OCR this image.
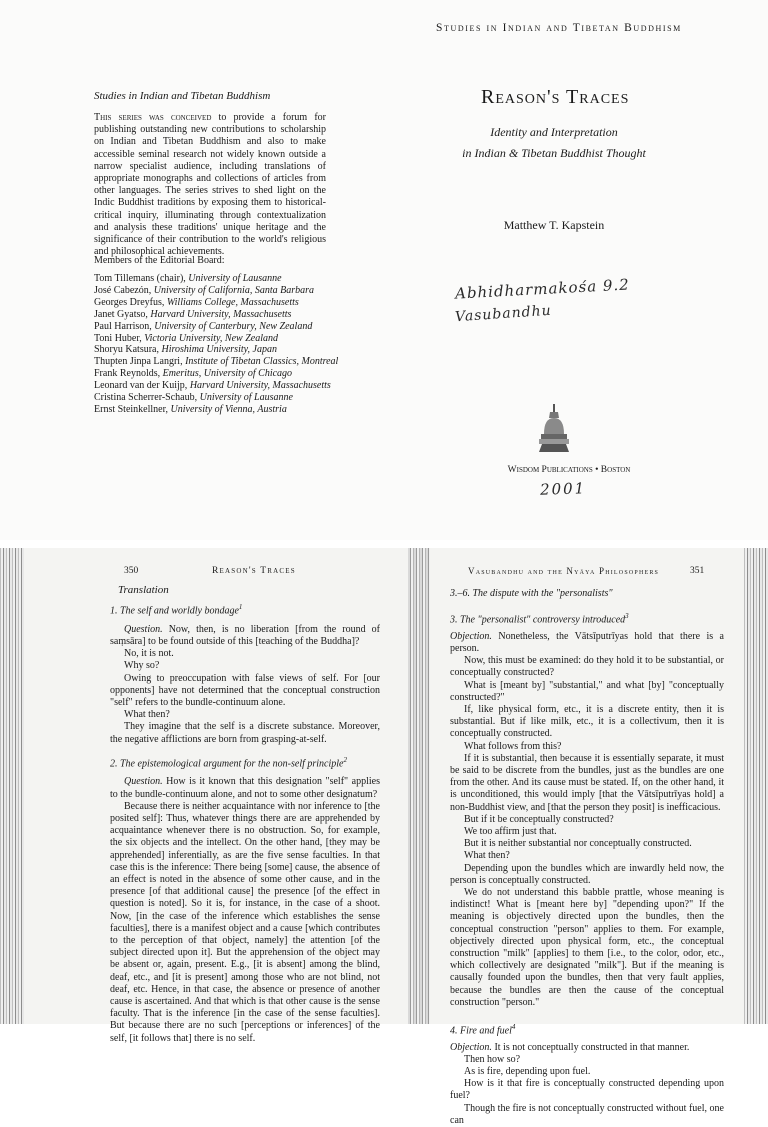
Studies in Indian and Tibetan Buddhism
Studies in Indian and Tibetan Buddhism
This series was conceived to provide a forum for publishing outstanding new contributions to scholarship on Indian and Tibetan Buddhism and also to make accessible seminal research not widely known outside a narrow specialist audience, including translations of appropriate monographs and collections of articles from other languages. The series strives to shed light on the Indic Buddhist traditions by exposing them to historical-critical inquiry, illuminating through contextualization and analysis these traditions' unique heritage and the significance of their contribution to the world's religious and philosophical achievements.
Members of the Editorial Board:
Tom Tillemans (chair), University of Lausanne
José Cabezón, University of California, Santa Barbara
Georges Dreyfus, Williams College, Massachusetts
Janet Gyatso, Harvard University, Massachusetts
Paul Harrison, University of Canterbury, New Zealand
Toni Huber, Victoria University, New Zealand
Shoryu Katsura, Hiroshima University, Japan
Thupten Jinpa Langri, Institute of Tibetan Classics, Montreal
Frank Reynolds, Emeritus, University of Chicago
Leonard van der Kuijp, Harvard University, Massachusetts
Cristina Scherrer-Schaub, University of Lausanne
Ernst Steinkellner, University of Vienna, Austria
Reason's Traces
Identity and Interpretation
in Indian & Tibetan Buddhist Thought
Matthew T. Kapstein
Abhidharmakośa 9.2
Vasubandhu
Wisdom Publications • Boston
2001
350	Reason's Traces

Translation

1. The self and worldly bondage$^1$

Question. Now, then, is no liberation [from the round of saṃsāra] to be found outside of this [teaching of the Buddha]?

No, it is not.

Why so?

Owing to preoccupation with false views of self. For [our opponents] have not determined that the conceptual construction "self" refers to the bundle-continuum alone.

What then?

They imagine that the self is a discrete substance. Moreover, the negative afflictions are born from grasping-at-self.

2. The epistemological argument for the non-self principle$^2$

Question. How is it known that this designation "self" applies to the bundle-continuum alone, and not to some other designatum?

Because there is neither acquaintance with nor inference to [the posited self]: Thus, whatever things there are are apprehended by acquaintance whenever there is no obstruction. So, for example, the six objects and the intellect. On the other hand, [they may be apprehended] inferentially, as are the five sense faculties. In that case this is the inference: There being [some] cause, the absence of an effect is noted in the absence of some other cause, and in the presence [of that additional cause] the presence [of the effect in question is noted]. So it is, for instance, in the case of a shoot. Now, [in the case of the inference which establishes the sense faculties], there is a manifest object and a cause [which contributes to the perception of that object, namely] the attention [of the subject directed upon it]. But the apprehension of the object may be absent or, again, present. E.g., [it is absent] among the blind, deaf, etc., and [it is present] among those who are not blind, not deaf, etc. Hence, in that case, the absence or presence of another cause is ascertained. And that which is that other cause is the sense faculty. That is the inference [in the case of the sense faculties]. But because there are no such [perceptions or inferences] of the self, [it follows that] there is no self.

Vasubandhu and the Nyāya Philosophers	351

3.–6. The dispute with the "personalists"

3. The "personalist" controversy introduced$^3$

Objection. Nonetheless, the Vātsīputrīyas hold that there is a person.

Now, this must be examined: do they hold it to be substantial, or conceptually constructed?

What is [meant by] "substantial," and what [by] "conceptually constructed?"

If, like physical form, etc., it is a discrete entity, then it is substantial. But if like milk, etc., it is a collectivum, then it is conceptually constructed.

What follows from this?

If it is substantial, then because it is essentially separate, it must be said to be discrete from the bundles, just as the bundles are one from the other. And its cause must be stated. If, on the other hand, it is unconditioned, this would imply [that the Vātsīputrīyas hold] a non-Buddhist view, and [that the person they posit] is inefficacious.

But if it be conceptually constructed?

We too affirm just that.

But it is neither substantial nor conceptually constructed.

What then?

Depending upon the bundles which are inwardly held now, the person is conceptually constructed.

We do not understand this babble prattle, whose meaning is indistinct! What is [meant here by] "depending upon?" If the meaning is objectively directed upon the bundles, then the conceptual construction "person" applies to them. For example, objectively directed upon physical form, etc., the conceptual construction "milk" [applies] to them [i.e., to the color, odor, etc., which collectively are designated "milk"]. But if the meaning is causally founded upon the bundles, then that very fault applies, because the bundles are then the cause of the conceptual construction "person."

4. Fire and fuel$^4$

Objection. It is not conceptually constructed in that manner.

Then how so?

As is fire, depending upon fuel.

How is it that fire is conceptually constructed depending upon fuel?

Though the fire is not conceptually constructed without fuel, one can
